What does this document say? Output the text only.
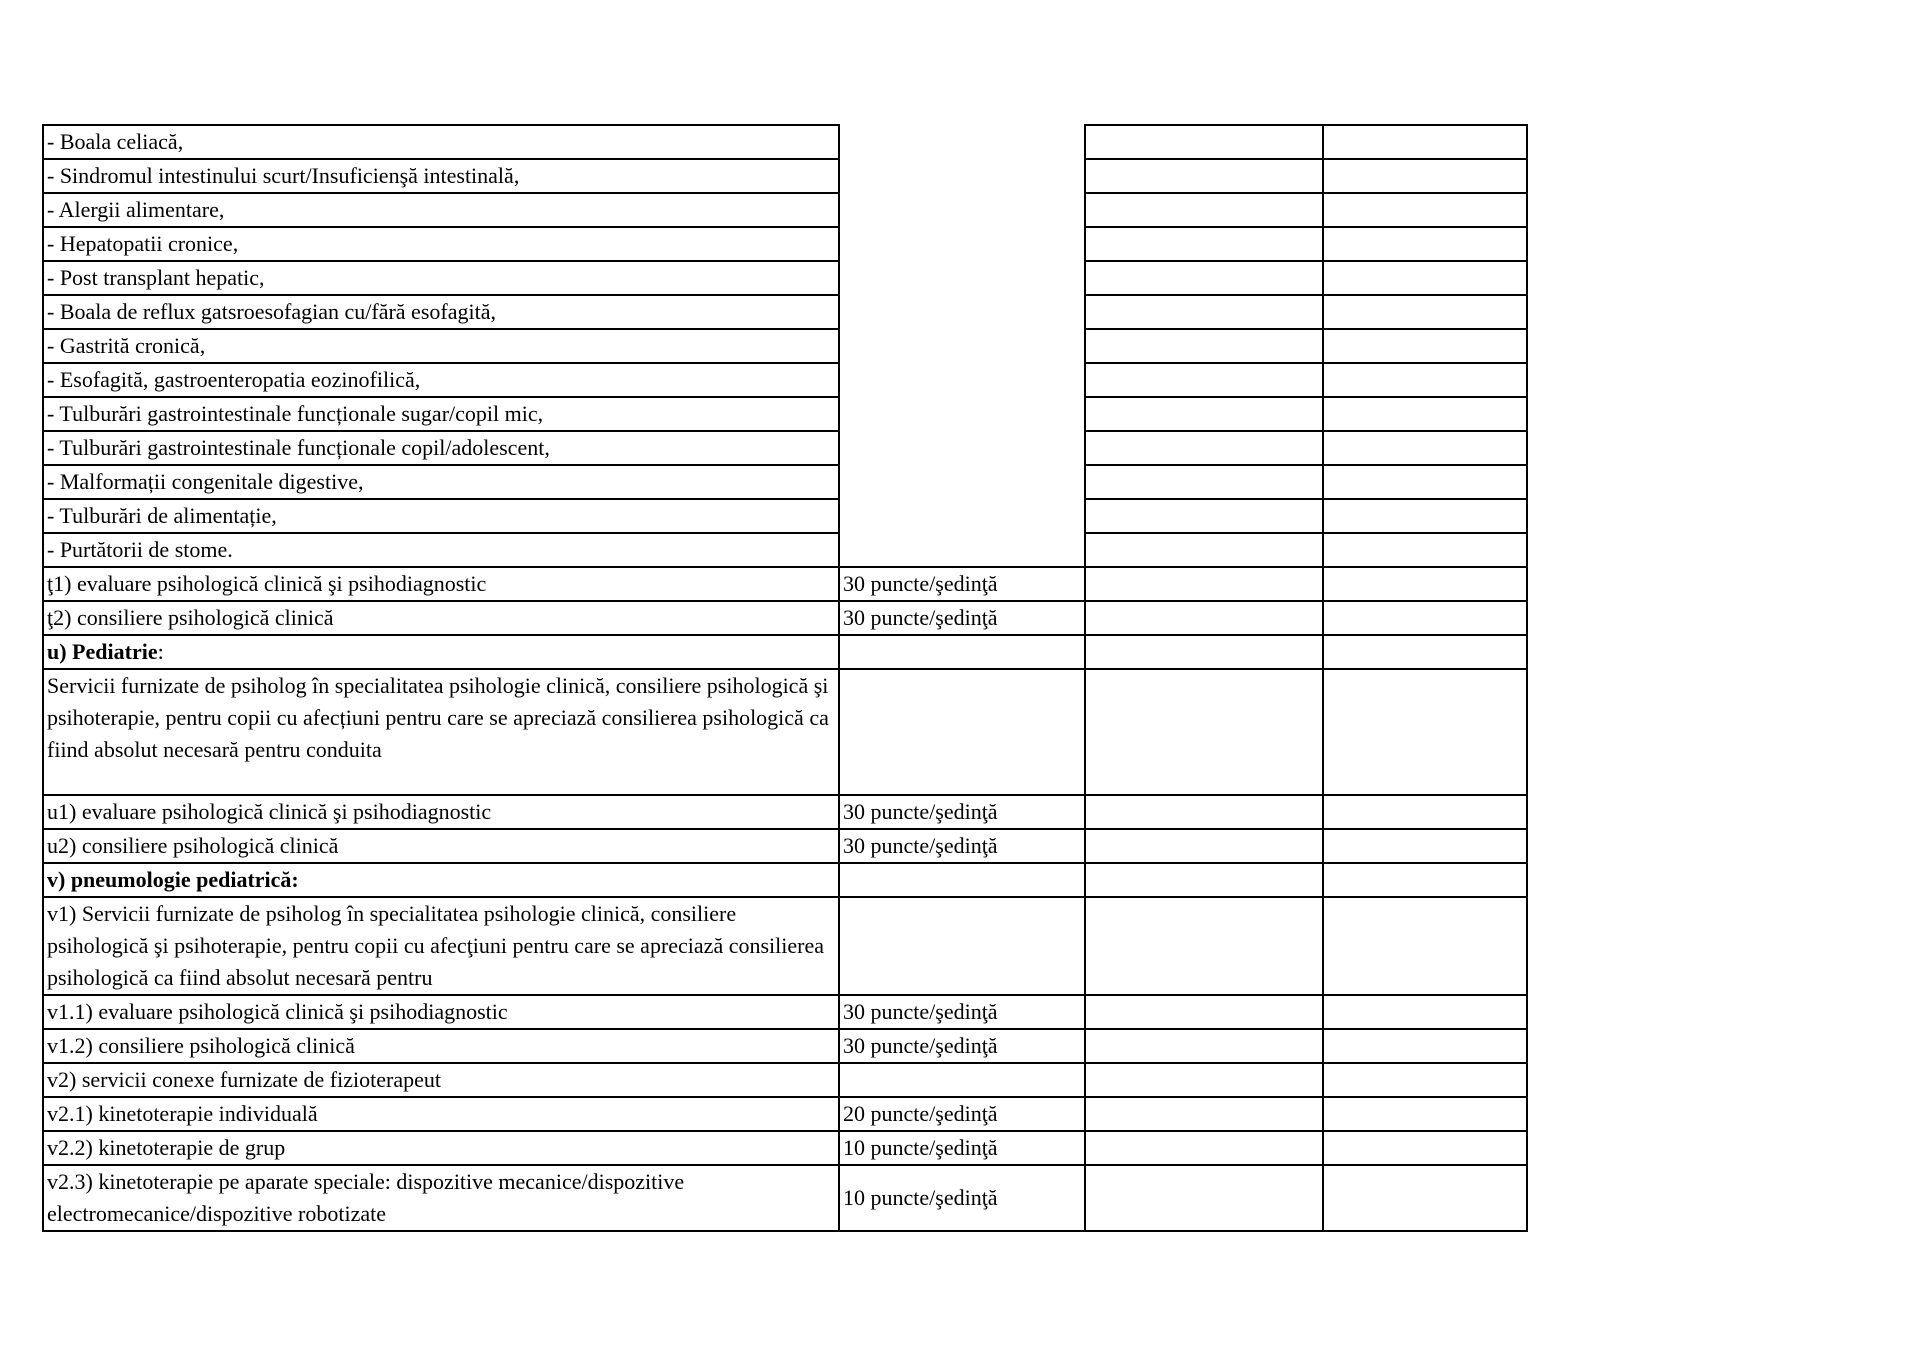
- Boala celiacă,			
- Sindromul intestinului scurt/Insuficienşă intestinală,			
- Alergii alimentare,			
- Hepatopatii cronice,			
- Post transplant hepatic,			
- Boala de reflux gatsroesofagian cu/fără esofagită,			
- Gastrită cronică,			
- Esofagită, gastroenteropatia eozinofilică,			
- Tulburări gastrointestinale funcționale sugar/copil mic,			
- Tulburări gastrointestinale funcționale copil/adolescent,			
- Malformații congenitale digestive,			
- Tulburări de alimentație,			
- Purtătorii de stome.			
ţ1) evaluare psihologică clinică şi psihodiagnostic	30 puncte/şedinţă		
ţ2) consiliere psihologică clinică	30 puncte/şedinţă		
u) Pediatrie:			
Servicii furnizate de psiholog în specialitatea psihologie clinică, consiliere psihologică şi psihoterapie, pentru copii cu afecțiuni pentru care se apreciază consilierea psihologică ca fiind absolut necesară pentru conduita			
u1) evaluare psihologică clinică şi psihodiagnostic	30 puncte/şedinţă		
u2) consiliere psihologică clinică	30 puncte/şedinţă		
v) pneumologie pediatrică:			
v1) Servicii furnizate de psiholog în specialitatea psihologie clinică, consiliere psihologică şi psihoterapie, pentru copii cu afecţiuni pentru care se apreciază consilierea psihologică ca fiind absolut necesară pentru			
v1.1) evaluare psihologică clinică şi psihodiagnostic	30 puncte/şedinţă		
v1.2) consiliere psihologică clinică	30 puncte/şedinţă		
v2) servicii conexe furnizate de fizioterapeut			
v2.1) kinetoterapie individuală	20 puncte/şedinţă		
v2.2) kinetoterapie de grup	10 puncte/şedinţă		
v2.3) kinetoterapie pe aparate speciale: dispozitive mecanice/dispozitive electromecanice/dispozitive robotizate	10 puncte/şedinţă		
